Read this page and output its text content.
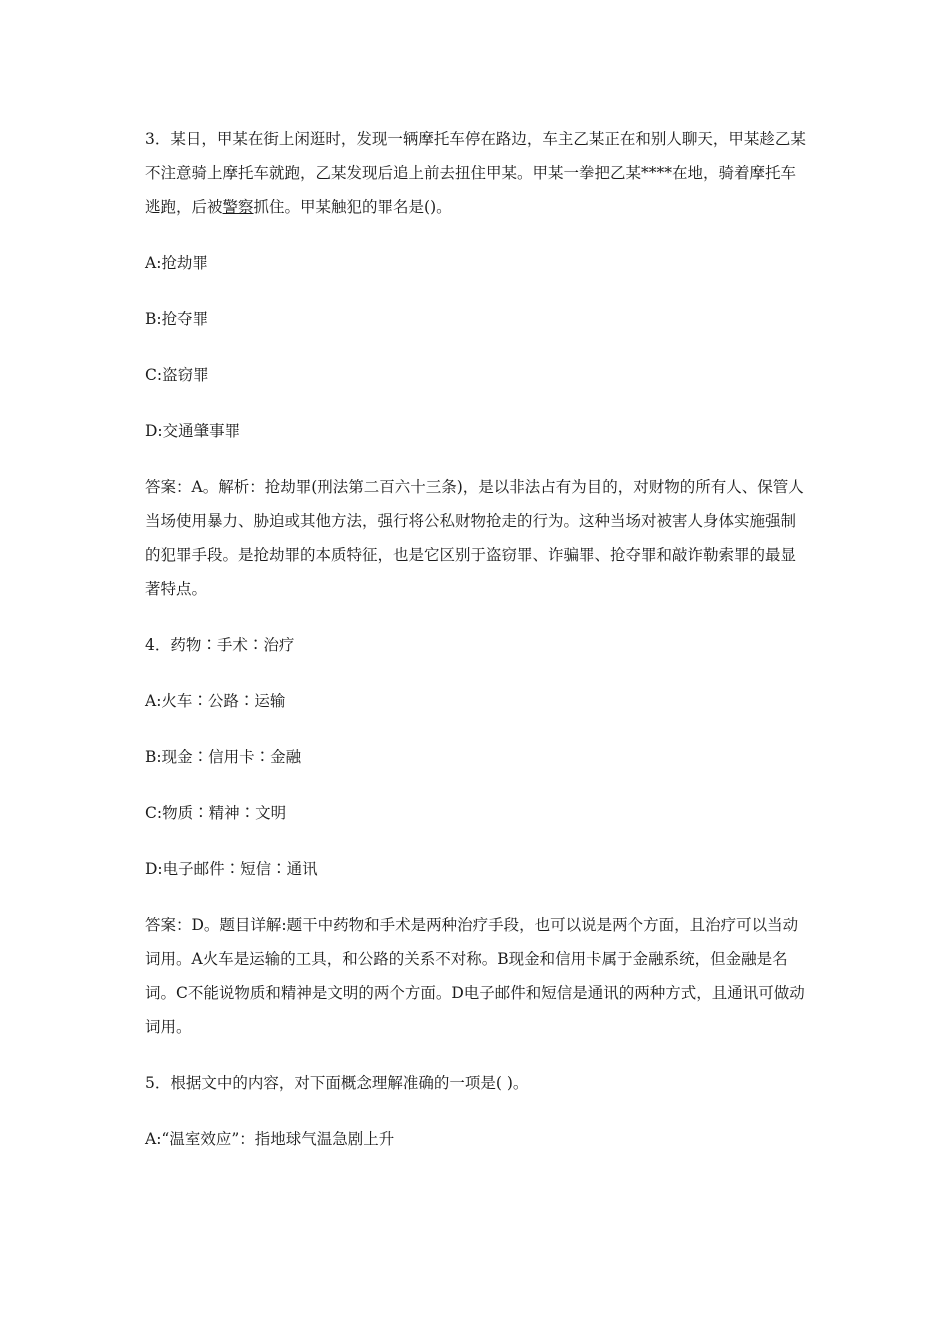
3．某日，甲某在街上闲逛时，发现一辆摩托车停在路边，车主乙某正在和别人聊天，甲某趁乙某不注意骑上摩托车就跑，乙某发现后追上前去扭住甲某。甲某一拳把乙某****在地，骑着摩托车逃跑，后被警察抓住。甲某触犯的罪名是()。

A:抢劫罪

B:抢夺罪

C:盗窃罪

D:交通肇事罪

答案：A。解析：抢劫罪(刑法第二百六十三条)，是以非法占有为目的，对财物的所有人、保管人当场使用暴力、胁迫或其他方法，强行将公私财物抢走的行为。这种当场对被害人身体实施强制的犯罪手段。是抢劫罪的本质特征，也是它区别于盗窃罪、诈骗罪、抢夺罪和敲诈勒索罪的最显著特点。

4．药物∶手术∶治疗

A:火车∶公路∶运输

B:现金∶信用卡∶金融

C:物质∶精神∶文明

D:电子邮件∶短信∶通讯

答案：D。题目详解:题干中药物和手术是两种治疗手段，也可以说是两个方面，且治疗可以当动词用。A火车是运输的工具，和公路的关系不对称。B现金和信用卡属于金融系统，但金融是名词。C不能说物质和精神是文明的两个方面。D电子邮件和短信是通讯的两种方式，且通讯可做动词用。

5．根据文中的内容，对下面概念理解准确的一项是( )。

A:“温室效应”：指地球气温急剧上升
